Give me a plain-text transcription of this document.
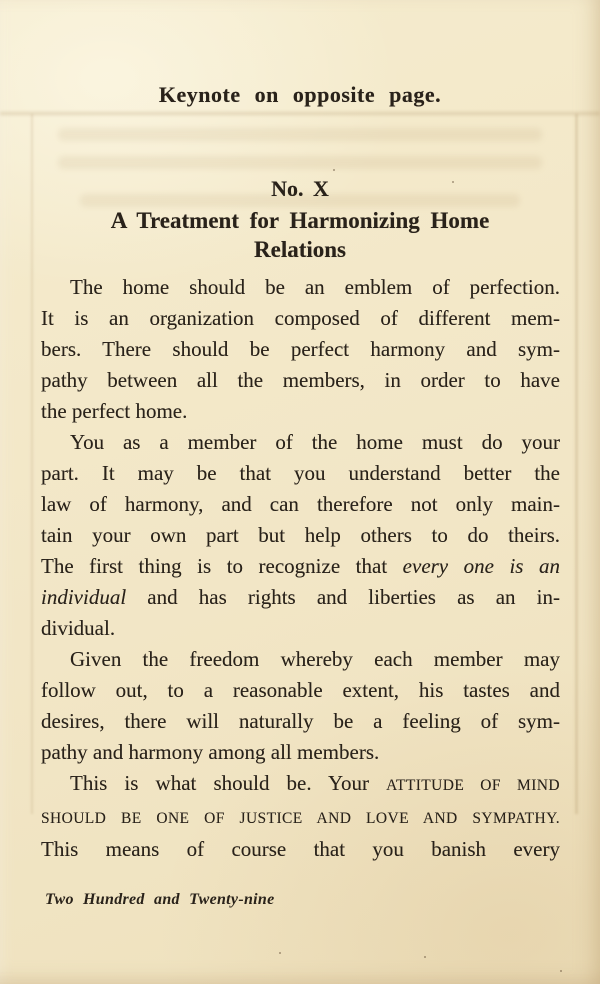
Keynote on opposite page.
No. X
A Treatment for Harmonizing Home
Relations
The home should be an emblem of perfection.
It is an organization composed of different mem-
bers. There should be perfect harmony and sym-
pathy between all the members, in order to have
the perfect home.
You as a member of the home must do your
part. It may be that you understand better the
law of harmony, and can therefore not only main-
tain your own part but help others to do theirs.
The first thing is to recognize that every one is an
individual and has rights and liberties as an in-
dividual.
Given the freedom whereby each member may
follow out, to a reasonable extent, his tastes and
desires, there will naturally be a feeling of sym-
pathy and harmony among all members.
This is what should be. Your ATTITUDE OF MIND
SHOULD BE ONE OF JUSTICE AND LOVE AND SYMPATHY.
This means of course that you banish every
Two Hundred and Twenty-nine
